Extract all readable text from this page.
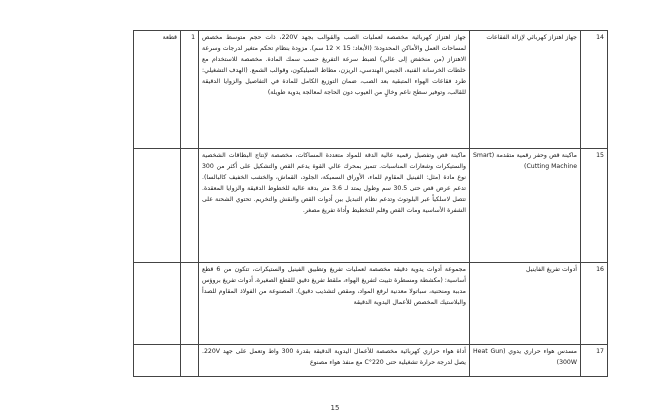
14	جهاز اهتزاز كهربائي لإزالة الفقاعات	جهاز اهتزاز كهربائية مخصصة لعمليات الصب والقوالب بجهد 220V، ذات حجم متوسط مخصص لمساحات العمل والأماكن المحدودة؛ (الأبعاد: 15 × 12 سم). مزودة بنظام تحكم متغير لدرجات وسرعة الاهتزاز (من منخفض إلى عالي) لضبط سرعة التفريغ حسب سمك المادة. مخصصة للاستخدام مع خلطات الخرسانة الفنية، الجبس الهندسي، الريزن، مطاط السيليكون، وقوالب الشمع. (الهدف التشغيلي: طرد فقاعات الهواء المتبقية بعد الصب، ضمان التوزيع الكامل للمادة في التفاصيل والزوايا الدقيقة للقالب، وتوفير سطح ناعم وخالٍ من العيوب دون الحاجة لمعالجة يدوية طويلة)	1	قطعة
15	ماكينة قص وحفر رقمية متقدمة (Smart Cutting Machine)	ماكينة قص وتفصيل رقمية عالية الدقة للمواد متعددة المساكات، مخصصة لإنتاج البطاقات الشخصية والستيكرات وشعارات المناسبات. تتميز بمحرك عالي القوة يدعم القص والتشكيل على أكثر من 300 نوع مادة (مثل: الفينيل المقاوم للماء، الأوراق السميكة، الجلود، القماش، والخشب الخفيف كالبالسا). تدعم عرض قص حتى 30.5 سم وطول يمتد لـ 3.6 متر بدقة عالية للخطوط الدقيقة والزوايا المعقدة. تتصل لاسلكياً عبر البلوتوث وتدعم نظام التبديل بين أدوات القص والنقش والتخريم. تحتوي الشحنة على الشفرة الأساسية ومات القص وقلم للتخطيط وأداة تفريغ مصغر.		
16	أدوات تفريغ الفاينيل	مجموعة أدوات يدوية دقيقة مخصصة لعمليات تفريغ وتطبيق الفينيل والستيكرات، تتكون من 6 قطع أساسية: (مكشطة ومسطرة تثبيت لتفريغ الهواء، ملقط تفريغ دقيق للقطع الصغيرة، أدوات تفريغ بروؤس مدببة ومنحنية، سباتولا معدنية لرفع المواد، ومقص لتشذيب دقيق). المصنوعة من الفولاذ المقاوم للصدأ والبلاستيك المخصص للأعمال اليدوية الدقيقة		
17	مسدس هواء حراري يدوي (Heat Gun 300W)	أداة هواء حراري كهربائية مخصصة للأعمال اليدوية الدقيقة بقدرة 300 واط وتعمل على جهد 220V. يصل لدرجة حرارة تشغيلية حتى 220°C مع منفذ هواء مصنوع		
15
